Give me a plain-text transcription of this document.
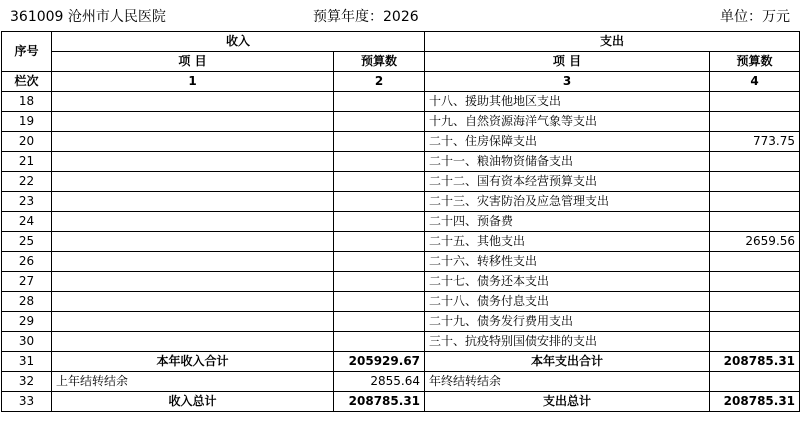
361009 沧州市人民医院	预算年度：2026	单位：万元
序号	收入		支出	
	项 目	预算数	项 目	预算数
栏次	1	2	3	4
18			十八、援助其他地区支出	
19			十九、自然资源海洋气象等支出	
20			二十、住房保障支出	773.75
21			二十一、粮油物资储备支出	
22			二十二、国有资本经营预算支出	
23			二十三、灾害防治及应急管理支出	
24			二十四、预备费	
25			二十五、其他支出	2659.56
26			二十六、转移性支出	
27			二十七、债务还本支出	
28			二十八、债务付息支出	
29			二十九、债务发行费用支出	
30			三十、抗疫特别国债安排的支出	
31	本年收入合计	205929.67	本年支出合计	208785.31
32	上年结转结余	2855.64	年终结转结余	
33	收入总计	208785.31	支出总计	208785.31
